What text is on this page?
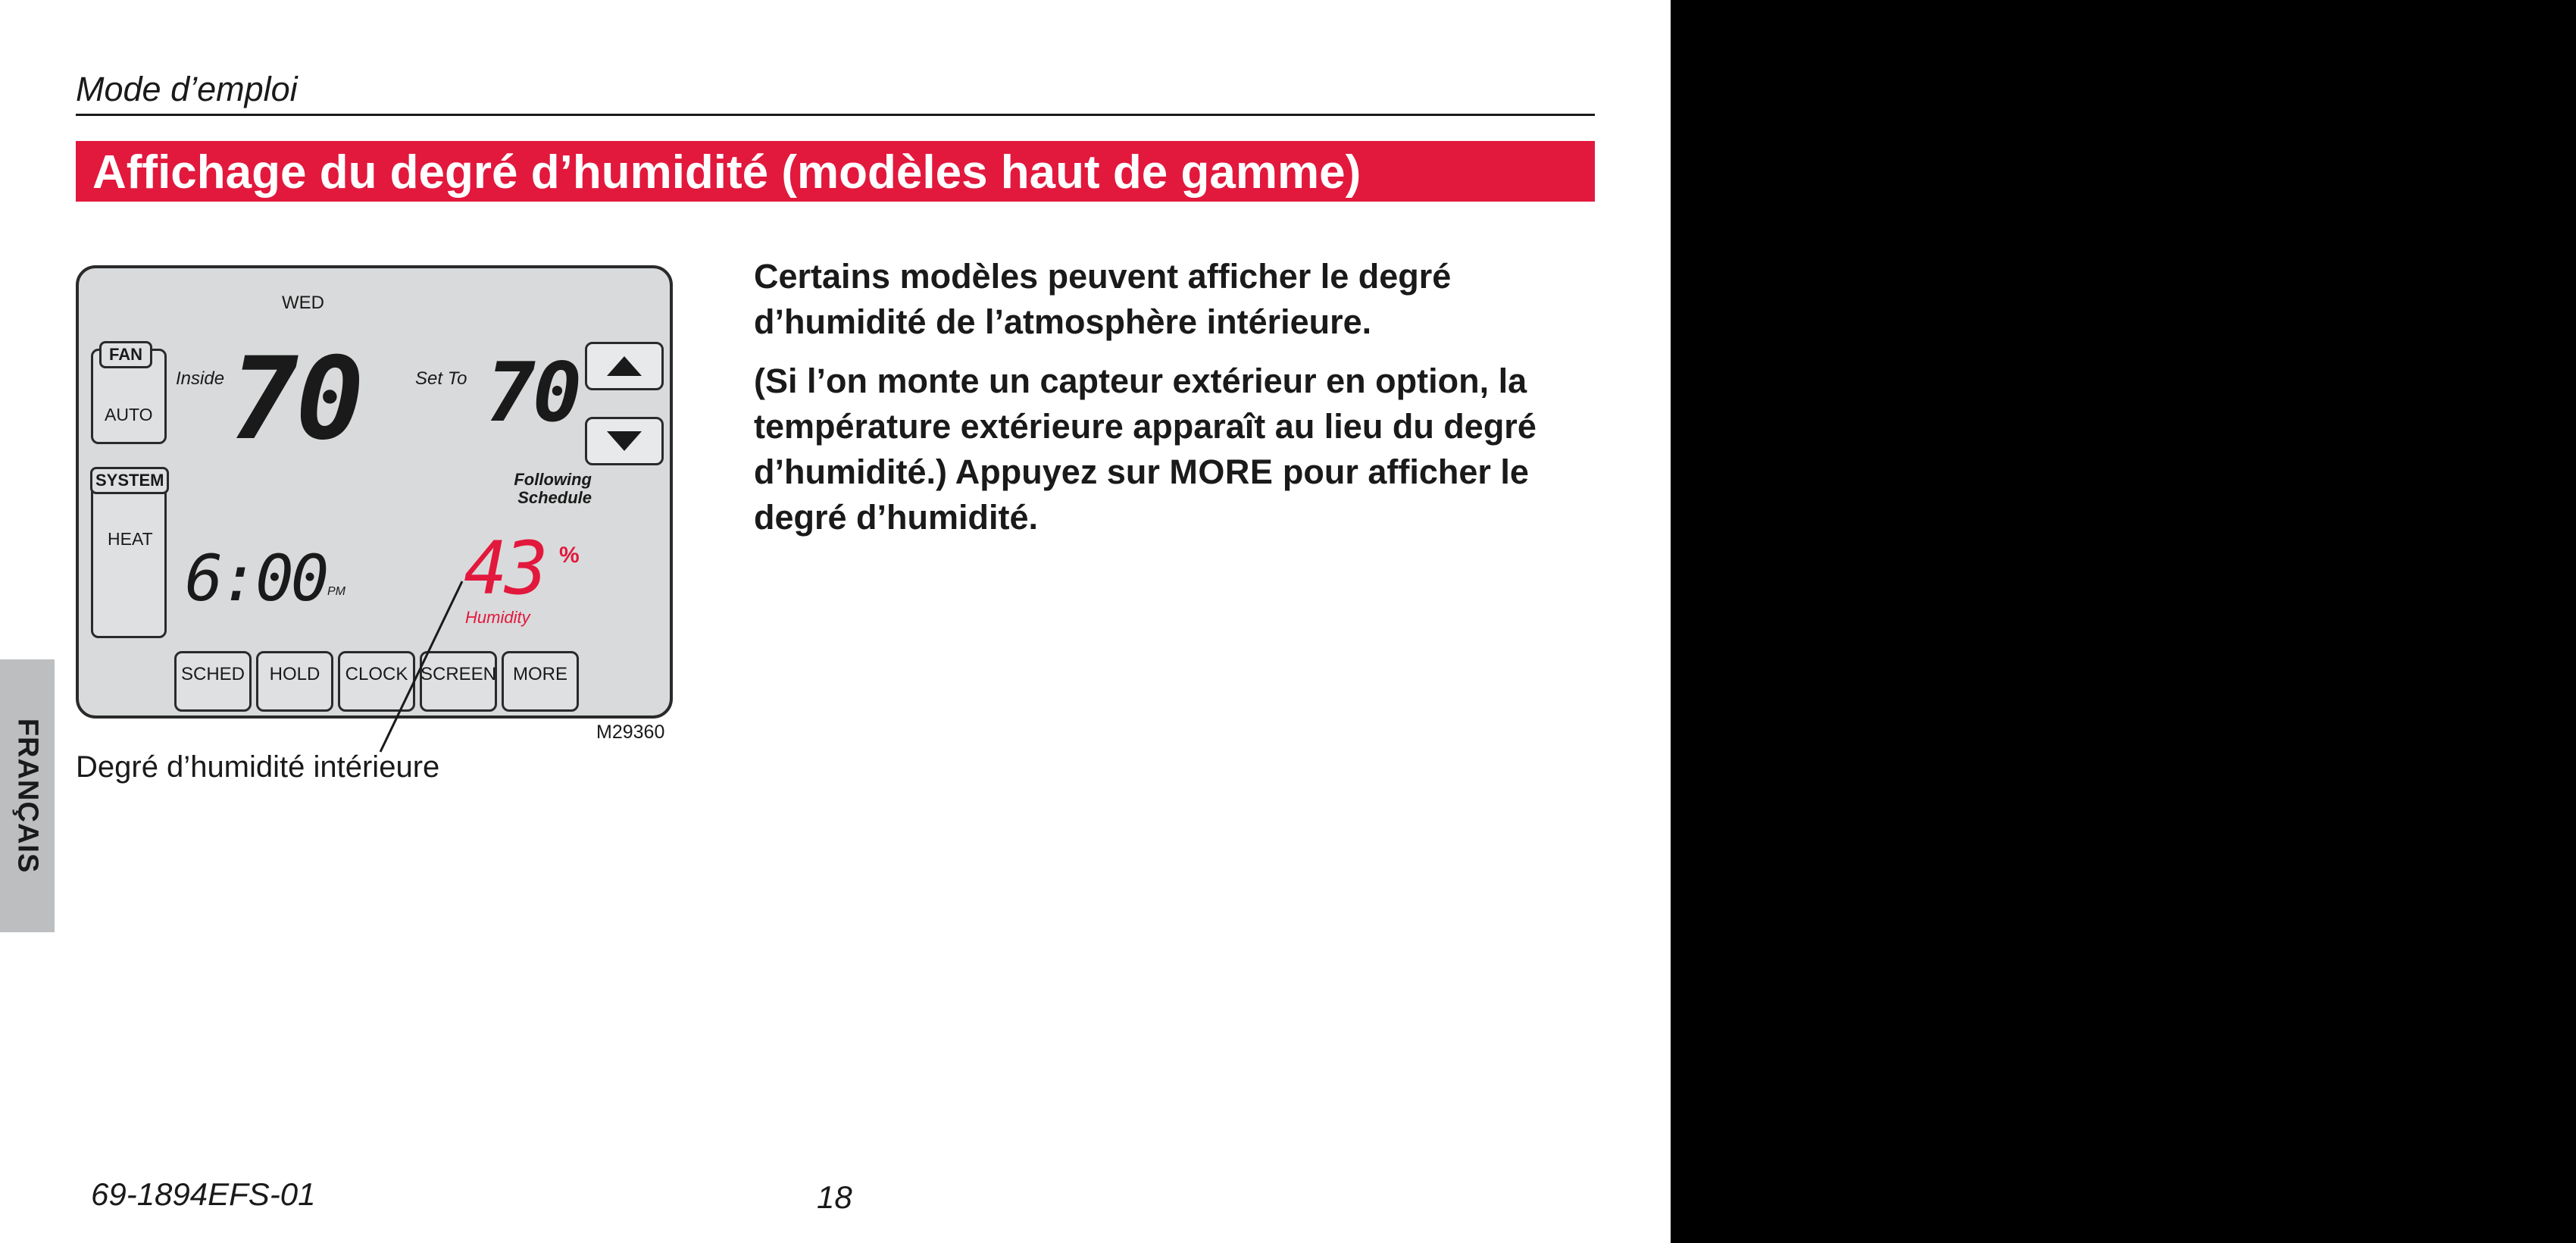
Mode d’emploi
Affichage du degré d’humidité (modèles haut de gamme)
FRANÇAIS
WED
FAN
AUTO
SYSTEM
HEAT
Inside 70	Set To 70
Following
Schedule
6:00 PM 43 %
Humidity
SCHED	HOLD	CLOCK SCREEN MORE
M29360
Degré d’humidité intérieure

Certains modèles peuvent afficher le degré d’humidité de l’atmosphère intérieure.

(Si l’on monte un capteur extérieur en option, la température extérieure apparaît au lieu du degré d’humidité.) Appuyez sur MORE pour afficher le degré d’humidité.

69-1894EFS-01	18
